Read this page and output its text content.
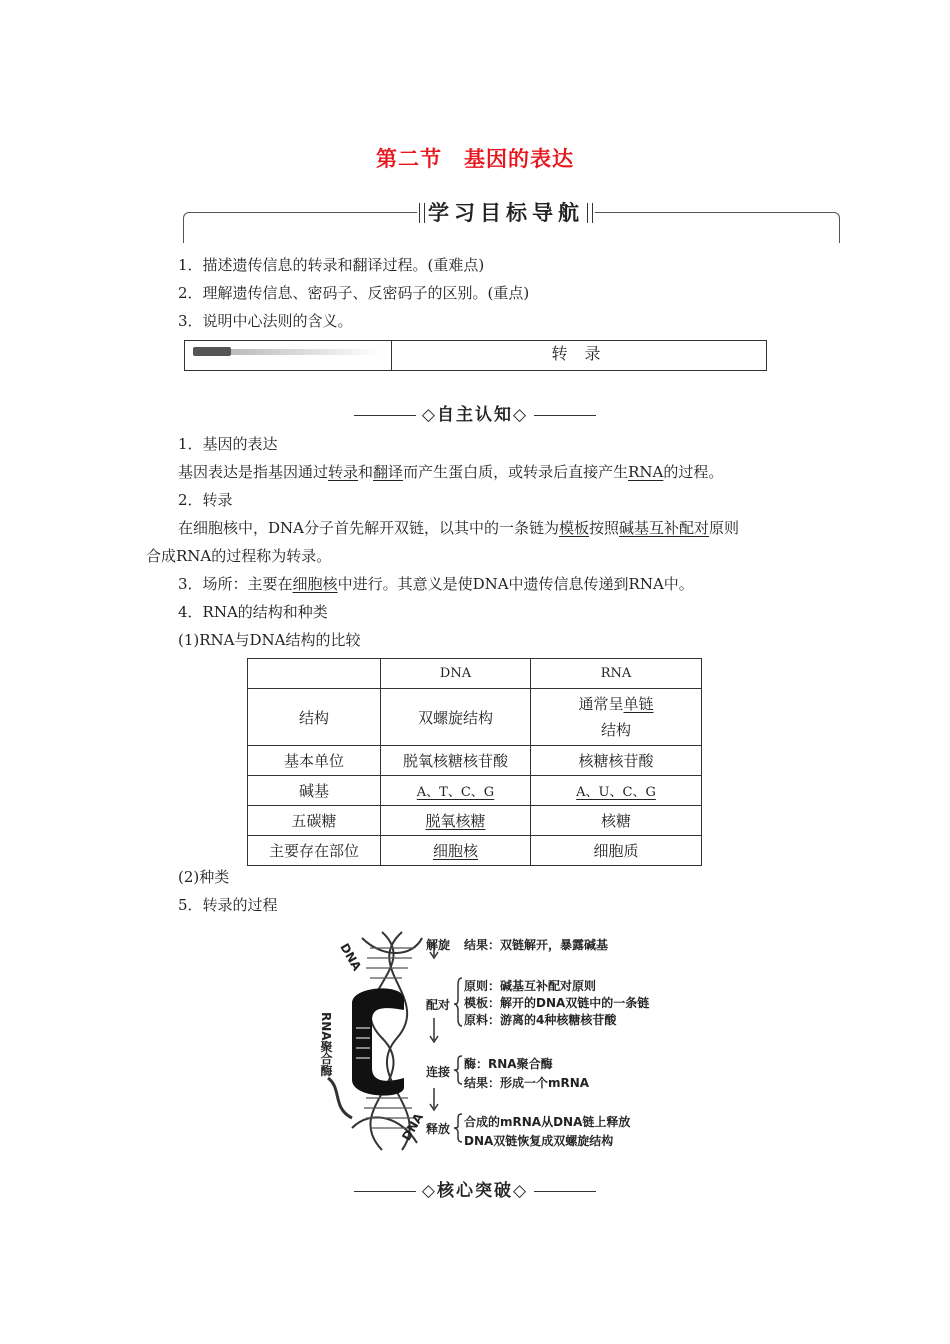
第二节　基因的表达
学习目标导航
1．描述遗传信息的转录和翻译过程。(重难点)
2．理解遗传信息、密码子、反密码子的区别。(重点)
3．说明中心法则的含义。
转 录
◇自主认知◇
1．基因的表达
基因表达是指基因通过转录和翻译而产生蛋白质，或转录后直接产生RNA的过程。
2．转录
在细胞核中，DNA分子首先解开双链，以其中的一条链为模板按照碱基互补配对原则
合成RNA的过程称为转录。
3．场所：主要在细胞核中进行。其意义是使DNA中遗传信息传递到RNA中。
4．RNA的结构和种类
(1)RNA与DNA结构的比较
	DNA	RNA
结构	双螺旋结构	通常呈单链
结构
基本单位	脱氧核糖核苷酸	核糖核苷酸
碱基	A、T、C、G	A、U、C、G
五碳糖	脱氧核糖	核糖
主要存在部位	细胞核	细胞质
(2)种类
5．转录的过程
DNA
DNA
RNA聚合酶
解旋 结果：双链解开，暴露碱基
配对
原则：碱基互补配对原则
模板：解开的DNA双链中的一条链
原料：游离的4种核糖核苷酸
连接
酶：RNA聚合酶
结果：形成一个mRNA
释放 合成的mRNA从DNA链上释放
DNA双链恢复成双螺旋结构
◇核心突破◇
